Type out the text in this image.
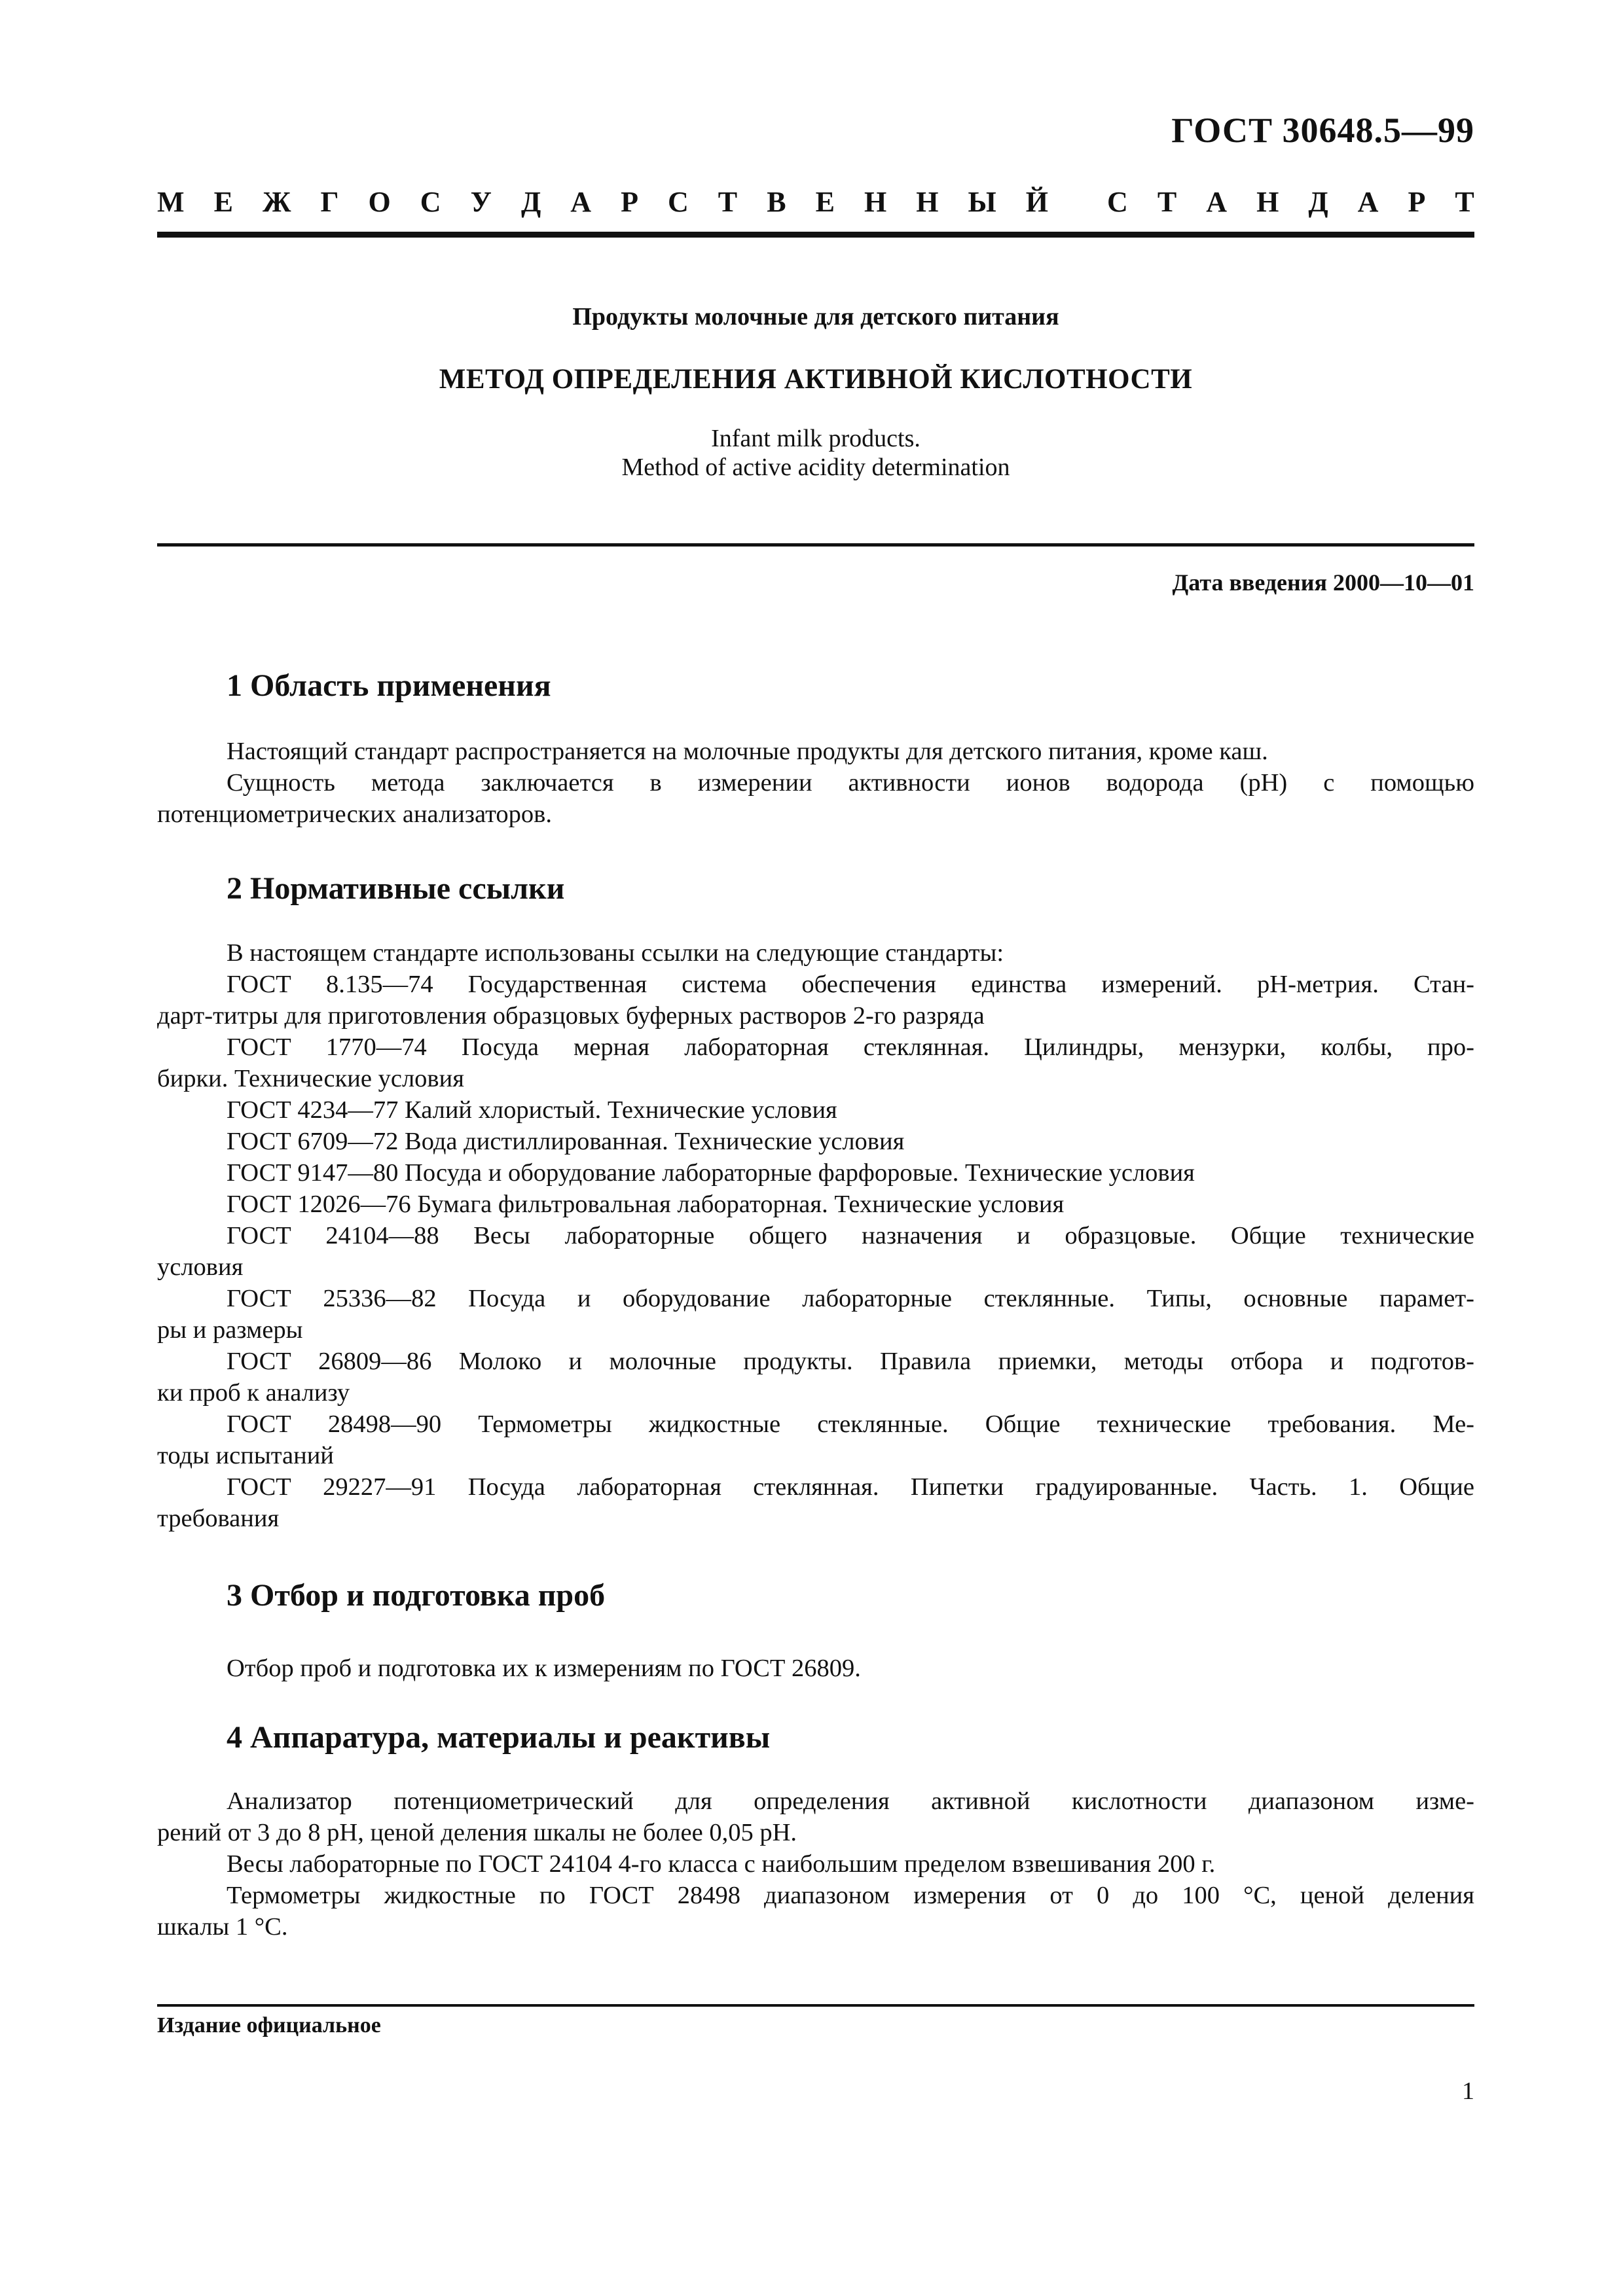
ГОСТ 30648.5—99
М Е Ж Г О С У Д А Р С Т В Е Н Н Ы Й С Т А Н Д А Р Т
Продукты молочные для детского питания
МЕТОД ОПРЕДЕЛЕНИЯ АКТИВНОЙ КИСЛОТНОСТИ
Infant milk products.
Method of active acidity determination
Дата введения 2000—10—01
1 Область применения
Настоящий стандарт распространяется на молочные продукты для детского питания, кроме каш.
Сущность метода заключается в измерении активности ионов водорода (рН) с помощью
потенциометрических анализаторов.
2 Нормативные ссылки
В настоящем стандарте использованы ссылки на следующие стандарты:
ГОСТ 8.135—74 Государственная система обеспечения единства измерений. рН-метрия. Стан-
дарт-титры для приготовления образцовых буферных растворов 2-го разряда
ГОСТ 1770—74 Посуда мерная лабораторная стеклянная. Цилиндры, мензурки, колбы, про-
бирки. Технические условия
ГОСТ 4234—77 Калий хлористый. Технические условия
ГОСТ 6709—72 Вода дистиллированная. Технические условия
ГОСТ 9147—80 Посуда и оборудование лабораторные фарфоровые. Технические условия
ГОСТ 12026—76 Бумага фильтровальная лабораторная. Технические условия
ГОСТ 24104—88 Весы лабораторные общего назначения и образцовые. Общие технические
условия
ГОСТ 25336—82 Посуда и оборудование лабораторные стеклянные. Типы, основные парамет-
ры и размеры
ГОСТ 26809—86 Молоко и молочные продукты. Правила приемки, методы отбора и подготов-
ки проб к анализу
ГОСТ 28498—90 Термометры жидкостные стеклянные. Общие технические требования. Ме-
тоды испытаний
ГОСТ 29227—91 Посуда лабораторная стеклянная. Пипетки градуированные. Часть. 1. Общие
требования
3 Отбор и подготовка проб
Отбор проб и подготовка их к измерениям по ГОСТ 26809.
4 Аппаратура, материалы и реактивы
Анализатор потенциометрический для определения активной кислотности диапазоном изме-
рений от 3 до 8 рН, ценой деления шкалы не более 0,05 рН.
Весы лабораторные по ГОСТ 24104 4-го класса с наибольшим пределом взвешивания 200 г.
Термометры жидкостные по ГОСТ 28498 диапазоном измерения от 0 до 100 °С, ценой деления
шкалы 1 °С.
Издание официальное
1
